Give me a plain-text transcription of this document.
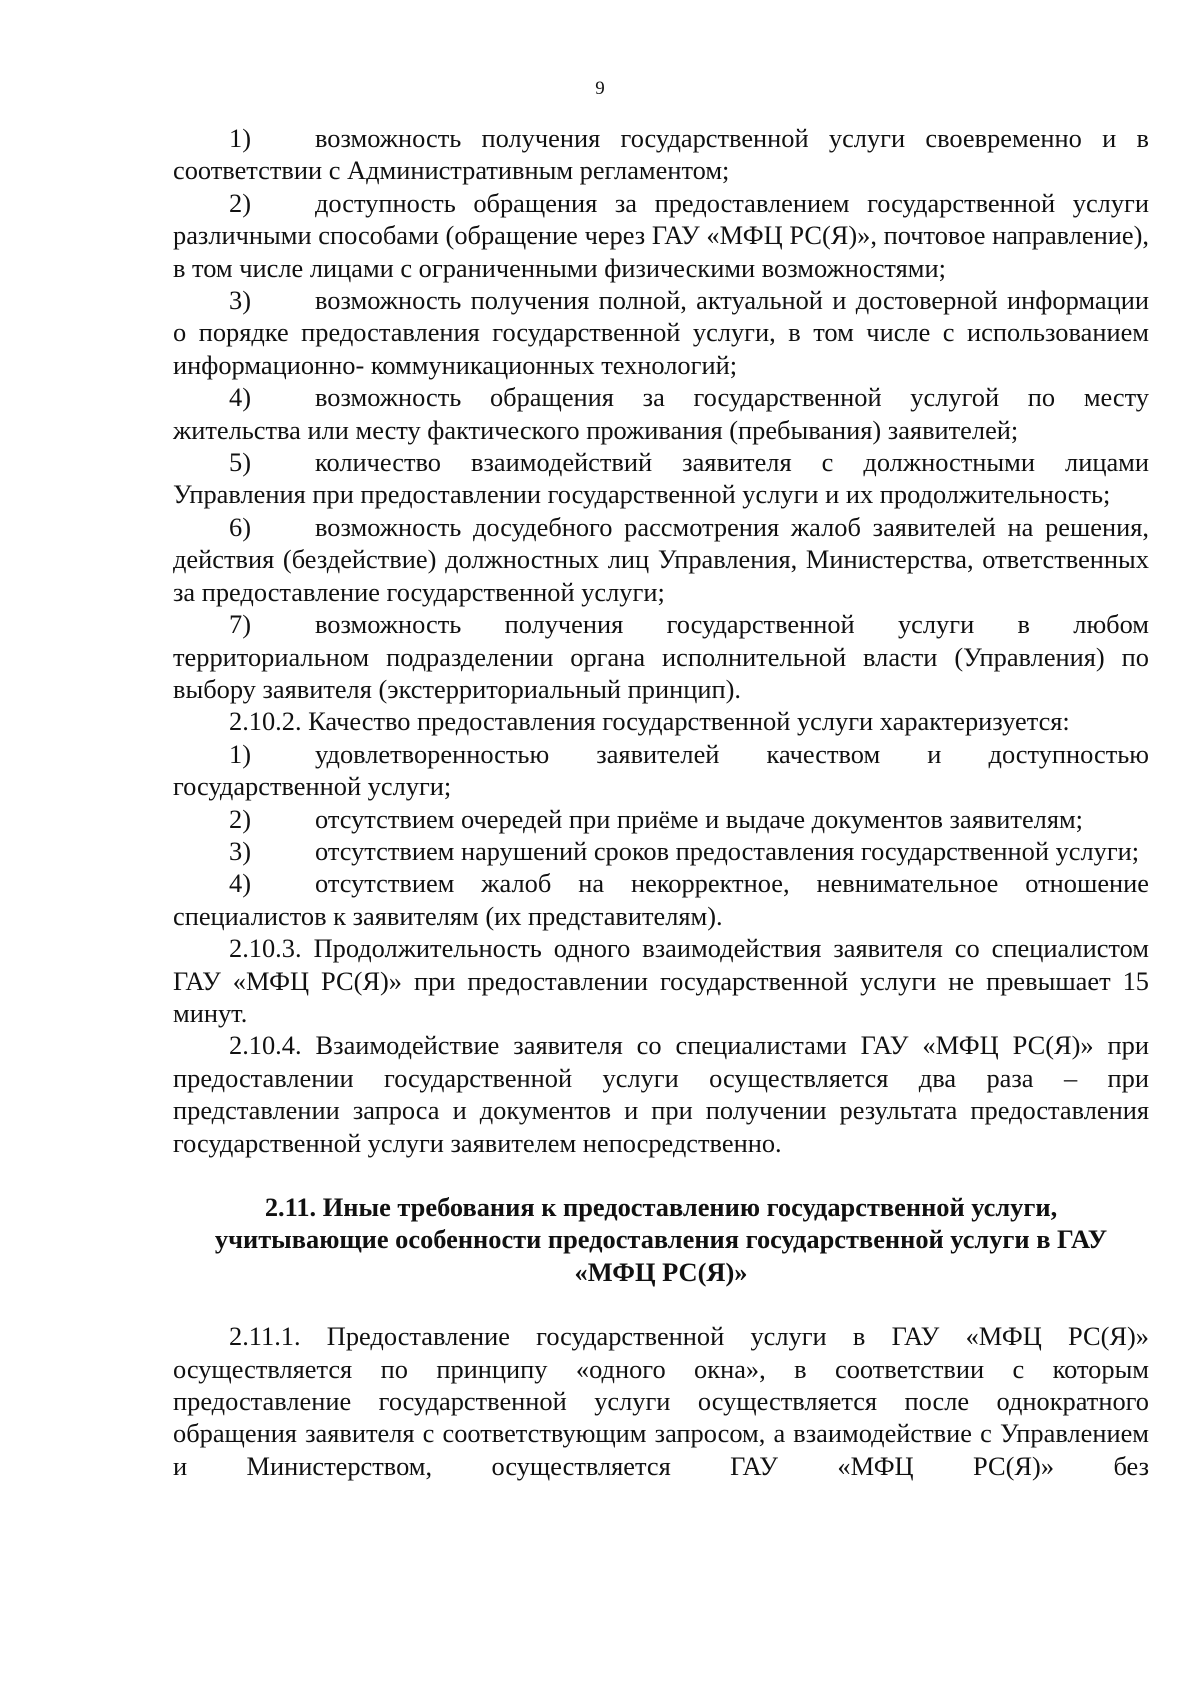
9

1) возможность получения государственной услуги своевременно и в соответствии с Административным регламентом;

2) доступность обращения за предоставлением государственной услуги различными способами (обращение через ГАУ «МФЦ РС(Я)», почтовое направление), в том числе лицами с ограниченными физическими возможностями;

3) возможность получения полной, актуальной и достоверной информации о порядке предоставления государственной услуги, в том числе с использованием информационно- коммуникационных технологий;

4) возможность обращения за государственной услугой по месту жительства или месту фактического проживания (пребывания) заявителей;

5) количество взаимодействий заявителя с должностными лицами Управления при предоставлении государственной услуги и их продолжительность;

6) возможность досудебного рассмотрения жалоб заявителей на решения, действия (бездействие) должностных лиц Управления, Министерства, ответственных за предоставление государственной услуги;

7) возможность получения государственной услуги в любом территориальном подразделении органа исполнительной власти (Управления) по выбору заявителя (экстерриториальный принцип).

2.10.2. Качество предоставления государственной услуги характеризуется:

1) удовлетворенностью заявителей качеством и доступностью государственной услуги;

2) отсутствием очередей при приёме и выдаче документов заявителям;

3) отсутствием нарушений сроков предоставления государственной услуги;

4) отсутствием жалоб на некорректное, невнимательное отношение специалистов к заявителям (их представителям).

2.10.3. Продолжительность одного взаимодействия заявителя со специалистом ГАУ «МФЦ РС(Я)» при предоставлении государственной услуги не превышает 15 минут.

2.10.4. Взаимодействие заявителя со специалистами ГАУ «МФЦ РС(Я)» при предоставлении государственной услуги осуществляется два раза – при представлении запроса и документов и при получении результата предоставления государственной услуги заявителем непосредственно.

2.11. Иные требования к предоставлению государственной услуги,
учитывающие особенности предоставления государственной услуги в ГАУ
«МФЦ РС(Я)»

2.11.1. Предоставление государственной услуги в ГАУ «МФЦ РС(Я)» осуществляется по принципу «одного окна», в соответствии с которым предоставление государственной услуги осуществляется после однократного обращения заявителя с соответствующим запросом, а взаимодействие с Управлением и Министерством, осуществляется ГАУ «МФЦ РС(Я)» без
